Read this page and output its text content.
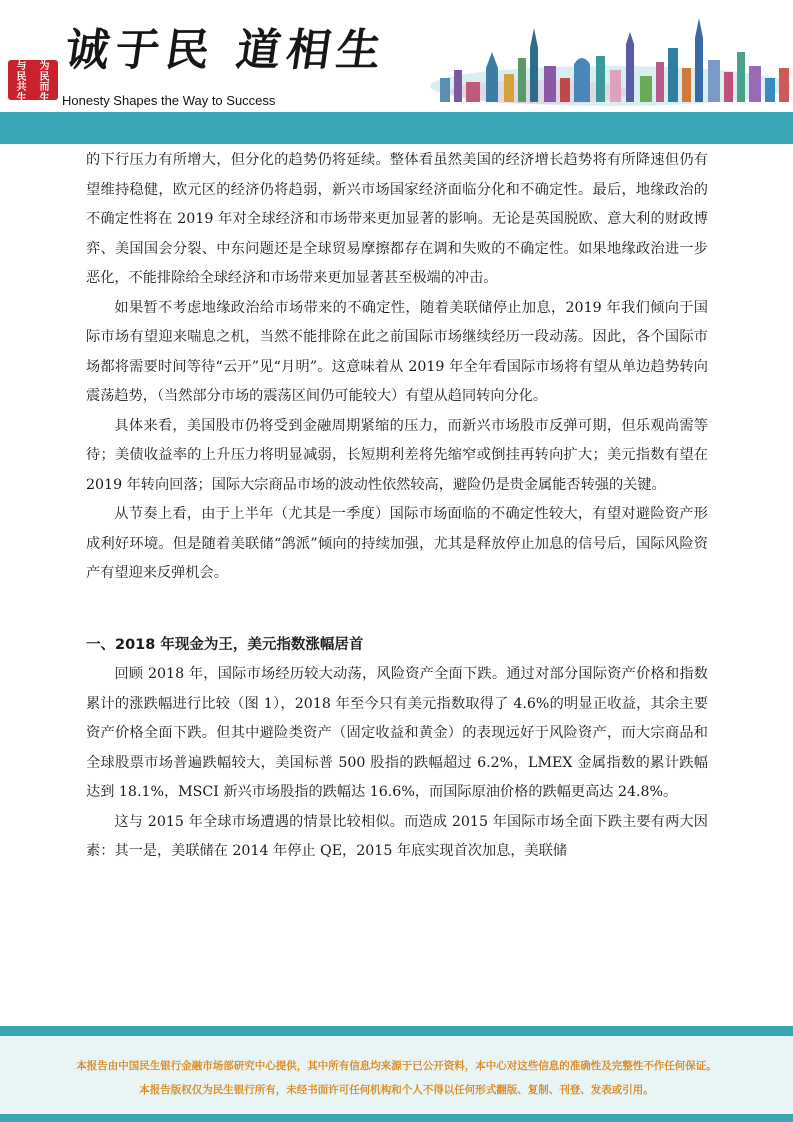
与 为
民 民
共 而
生 生
诚于民 道相生
Honesty Shapes the Way to Success

的下行压力有所增大，但分化的趋势仍将延续。整体看虽然美国的经济增长趋势将有所降速但仍有望维持稳健，欧元区的经济仍将趋弱，新兴市场国家经济面临分化和不确定性。最后，地缘政治的不确定性将在 2019 年对全球经济和市场带来更加显著的影响。无论是英国脱欧、意大利的财政博弈、美国国会分裂、中东问题还是全球贸易摩擦都存在调和失败的不确定性。如果地缘政治进一步恶化，不能排除给全球经济和市场带来更加显著甚至极端的冲击。

如果暂不考虑地缘政治给市场带来的不确定性，随着美联储停止加息，2019 年我们倾向于国际市场有望迎来喘息之机，当然不能排除在此之前国际市场继续经历一段动荡。因此，各个国际市场都将需要时间等待“云开”见“月明”。这意味着从 2019 年全年看国际市场将有望从单边趋势转向震荡趋势，（当然部分市场的震荡区间仍可能较大）有望从趋同转向分化。

具体来看，美国股市仍将受到金融周期紧缩的压力，而新兴市场股市反弹可期，但乐观尚需等待；美债收益率的上升压力将明显减弱，长短期利差将先缩窄或倒挂再转向扩大；美元指数有望在 2019 年转向回落；国际大宗商品市场的波动性依然较高，避险仍是贵金属能否转强的关键。

从节奏上看，由于上半年（尤其是一季度）国际市场面临的不确定性较大，有望对避险资产形成利好环境。但是随着美联储“鸽派”倾向的持续加强，尤其是释放停止加息的信号后，国际风险资产有望迎来反弹机会。

一、2018 年现金为王，美元指数涨幅居首

回顾 2018 年，国际市场经历较大动荡，风险资产全面下跌。通过对部分国际资产价格和指数累计的涨跌幅进行比较（图 1），2018 年至今只有美元指数取得了 4.6%的明显正收益，其余主要资产价格全面下跌。但其中避险类资产（固定收益和黄金）的表现远好于风险资产，而大宗商品和全球股票市场普遍跌幅较大，美国标普 500 股指的跌幅超过 6.2%，LMEX 金属指数的累计跌幅达到 18.1%，MSCI 新兴市场股指的跌幅达 16.6%，而国际原油价格的跌幅更高达 24.8%。

这与 2015 年全球市场遭遇的情景比较相似。而造成 2015 年国际市场全面下跌主要有两大因素：其一是，美联储在 2014 年停止 QE，2015 年底实现首次加息，美联储

本报告由中国民生银行金融市场部研究中心提供，其中所有信息均来源于已公开资料，本中心对这些信息的准确性及完整性不作任何保证。
本报告版权仅为民生银行所有，未经书面许可任何机构和个人不得以任何形式翻版、复制、刊登、发表或引用。
